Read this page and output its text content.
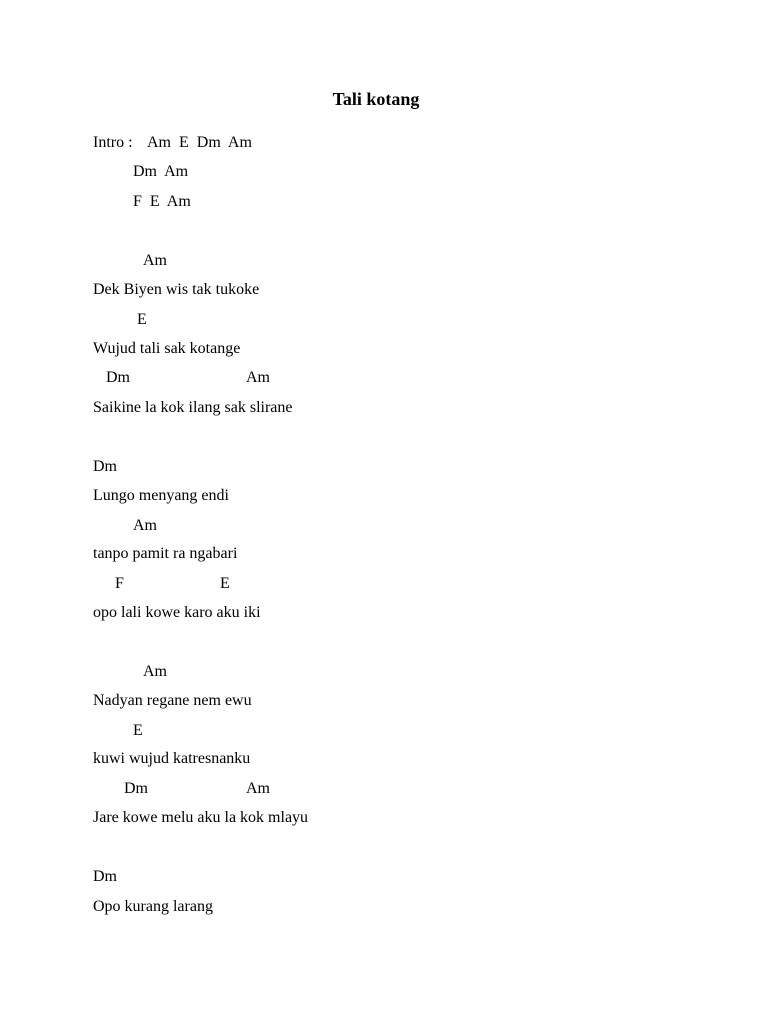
Tali kotang
Intro : Am  E  Dm  Am
Dm  Am
F  E  Am
Am
Dek Biyen wis tak tukoke
E
Wujud tali sak kotange
Dm	Am
Saikine la kok ilang sak slirane
Dm
Lungo menyang endi
Am
tanpo pamit ra ngabari
F	E
opo lali kowe karo aku iki
Am
Nadyan regane nem ewu
E
kuwi wujud katresnanku
Dm	Am
Jare kowe melu aku la kok mlayu
Dm
Opo kurang larang
